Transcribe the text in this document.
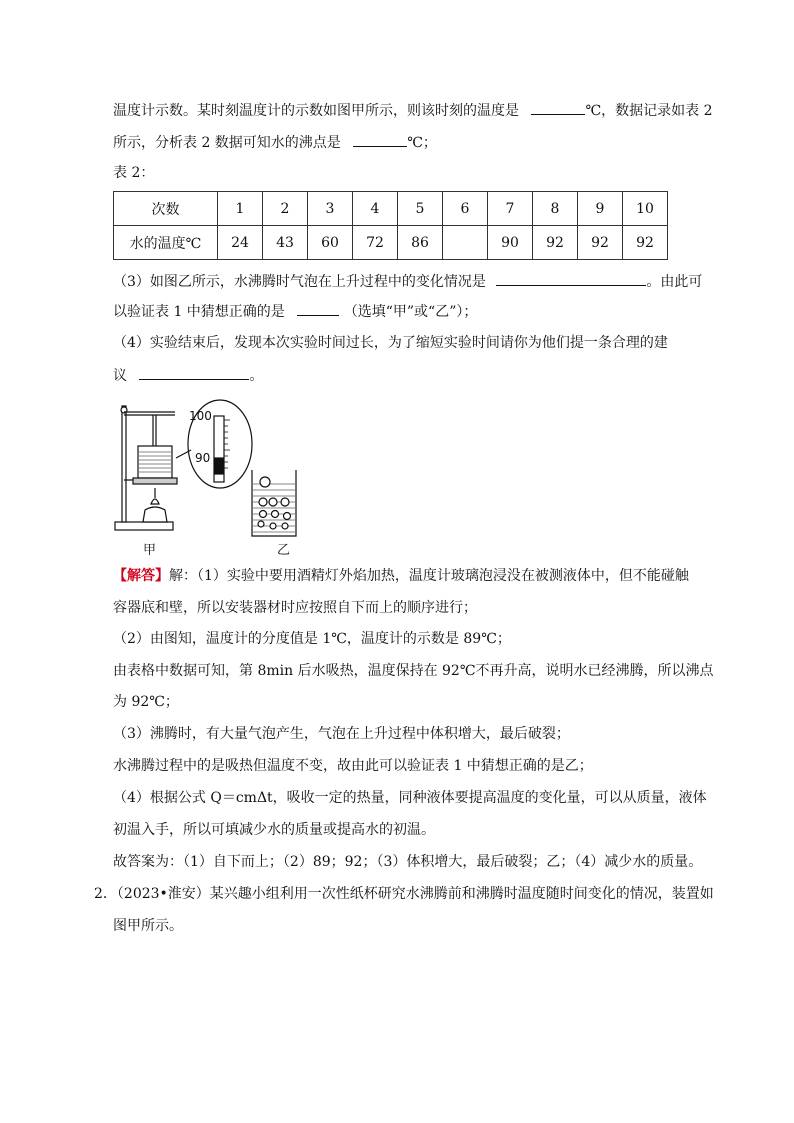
温度计示数。某时刻温度计的示数如图甲所示，则该时刻的温度是	℃，数据记录如表 2
所示，分析表 2 数据可知水的沸点是	℃；
表 2：
次数	1	2	3	4	5	6	7	8	9	10
水的温度℃	24	43	60	72	86		90	92	92	92
（3）如图乙所示，水沸腾时气泡在上升过程中的变化情况是	。由此可
以验证表 1 中猜想正确的是	（选填“甲”或“乙”）；
（4）实验结束后，发现本次实验时间过长，为了缩短实验时间请你为他们提一条合理的建
议	。
100
90
甲	乙
【解答】解：（1）实验中要用酒精灯外焰加热，温度计玻璃泡浸没在被测液体中，但不能碰触
容器底和壁，所以安装器材时应按照自下而上的顺序进行；
（2）由图知，温度计的分度值是 1℃，温度计的示数是 89℃；
由表格中数据可知，第 8min 后水吸热，温度保持在 92℃不再升高，说明水已经沸腾，所以沸点
为 92℃；
（3）沸腾时，有大量气泡产生，气泡在上升过程中体积增大，最后破裂；
水沸腾过程中的是吸热但温度不变，故由此可以验证表 1 中猜想正确的是乙；
（4）根据公式 Q＝cmΔt，吸收一定的热量，同种液体要提高温度的变化量，可以从质量，液体
初温入手，所以可填减少水的质量或提高水的初温。
故答案为：（1）自下而上；（2）89；92；（3）体积增大，最后破裂；乙；（4）减少水的质量。
2．（2023•淮安）某兴趣小组利用一次性纸杯研究水沸腾前和沸腾时温度随时间变化的情况，装置如
图甲所示。
